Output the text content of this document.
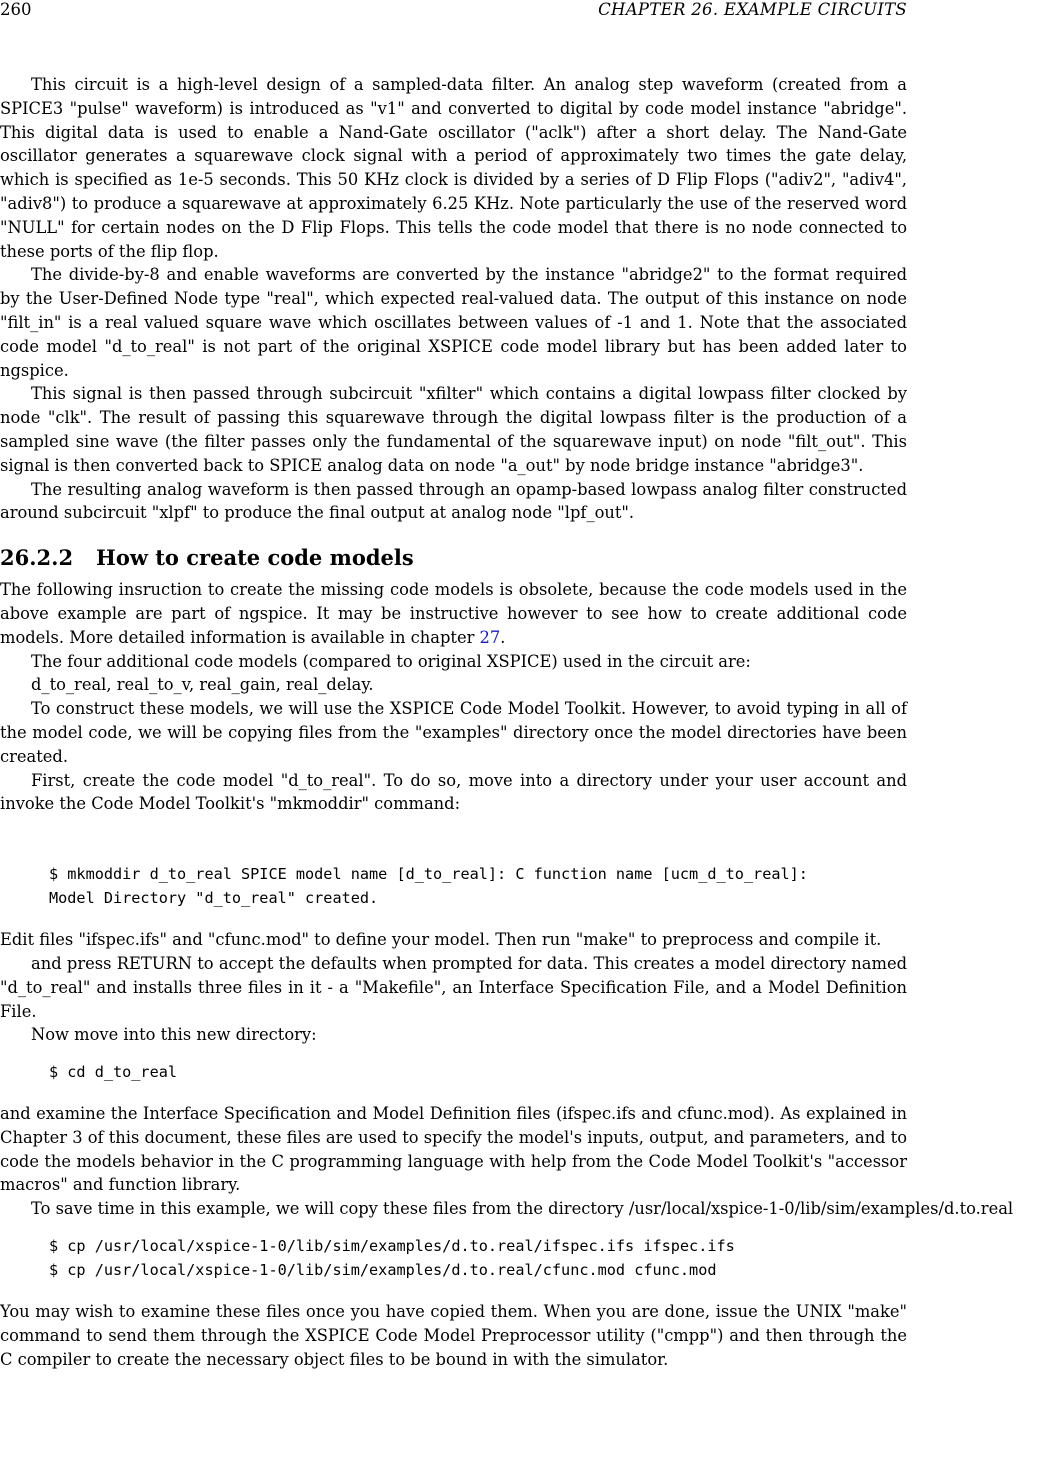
260	CHAPTER 26. EXAMPLE CIRCUITS

This circuit is a high-level design of a sampled-data filter. An analog step waveform (created from a SPICE3 "pulse" waveform) is introduced as "v1" and converted to digital by code model instance "abridge". This digital data is used to enable a Nand-Gate oscillator ("aclk") after a short delay. The Nand-Gate oscillator generates a squarewave clock signal with a period of approximately two times the gate delay, which is specified as 1e-5 seconds. This 50 KHz clock is divided by a series of D Flip Flops ("adiv2", "adiv4", "adiv8") to produce a squarewave at approximately 6.25 KHz. Note particularly the use of the reserved word "NULL" for certain nodes on the D Flip Flops. This tells the code model that there is no node connected to these ports of the flip flop.

The divide-by-8 and enable waveforms are converted by the instance "abridge2" to the format required by the User-Defined Node type "real", which expected real-valued data. The output of this instance on node "filt_in" is a real valued square wave which oscillates between values of -1 and 1. Note that the associated code model "d_to_real" is not part of the original XSPICE code model library but has been added later to ngspice.

This signal is then passed through subcircuit "xfilter" which contains a digital lowpass filter clocked by node "clk". The result of passing this squarewave through the digital lowpass filter is the production of a sampled sine wave (the filter passes only the fundamental of the squarewave input) on node "filt_out". This signal is then converted back to SPICE analog data on node "a_out" by node bridge instance "abridge3".

The resulting analog waveform is then passed through an opamp-based lowpass analog filter constructed around subcircuit "xlpf" to produce the final output at analog node "lpf_out".

26.2.2 How to create code models

The following insruction to create the missing code models is obsolete, because the code models used in the above example are part of ngspice. It may be instructive however to see how to create additional code models. More detailed information is available in chapter 27.

The four additional code models (compared to original XSPICE) used in the circuit are:

d_to_real, real_to_v, real_gain, real_delay.

To construct these models, we will use the XSPICE Code Model Toolkit. However, to avoid typing in all of the model code, we will be copying files from the "examples" directory once the model directories have been created.

First, create the code model "d_to_real". To do so, move into a directory under your user account and invoke the Code Model Toolkit's "mkmoddir" command:

$ mkmoddir d_to_real SPICE model name [d_to_real]: C function name [ucm_d_to_real]:
Model Directory "d_to_real" created.

Edit files "ifspec.ifs" and "cfunc.mod" to define your model. Then run "make" to preprocess and compile it.

and press RETURN to accept the defaults when prompted for data. This creates a model directory named "d_to_real" and installs three files in it - a "Makefile", an Interface Specification File, and a Model Definition File.

Now move into this new directory:

$ cd d_to_real

and examine the Interface Specification and Model Definition files (ifspec.ifs and cfunc.mod). As explained in Chapter 3 of this document, these files are used to specify the model's inputs, output, and parameters, and to code the models behavior in the C programming language with help from the Code Model Toolkit's "accessor macros" and function library.

To save time in this example, we will copy these files from the directory /usr/local/xspice-1-0/lib/sim/examples/d.to.real

$ cp /usr/local/xspice-1-0/lib/sim/examples/d.to.real/ifspec.ifs ifspec.ifs
$ cp /usr/local/xspice-1-0/lib/sim/examples/d.to.real/cfunc.mod cfunc.mod

You may wish to examine these files once you have copied them. When you are done, issue the UNIX "make" command to send them through the XSPICE Code Model Preprocessor utility ("cmpp") and then through the C compiler to create the necessary object files to be bound in with the simulator.
